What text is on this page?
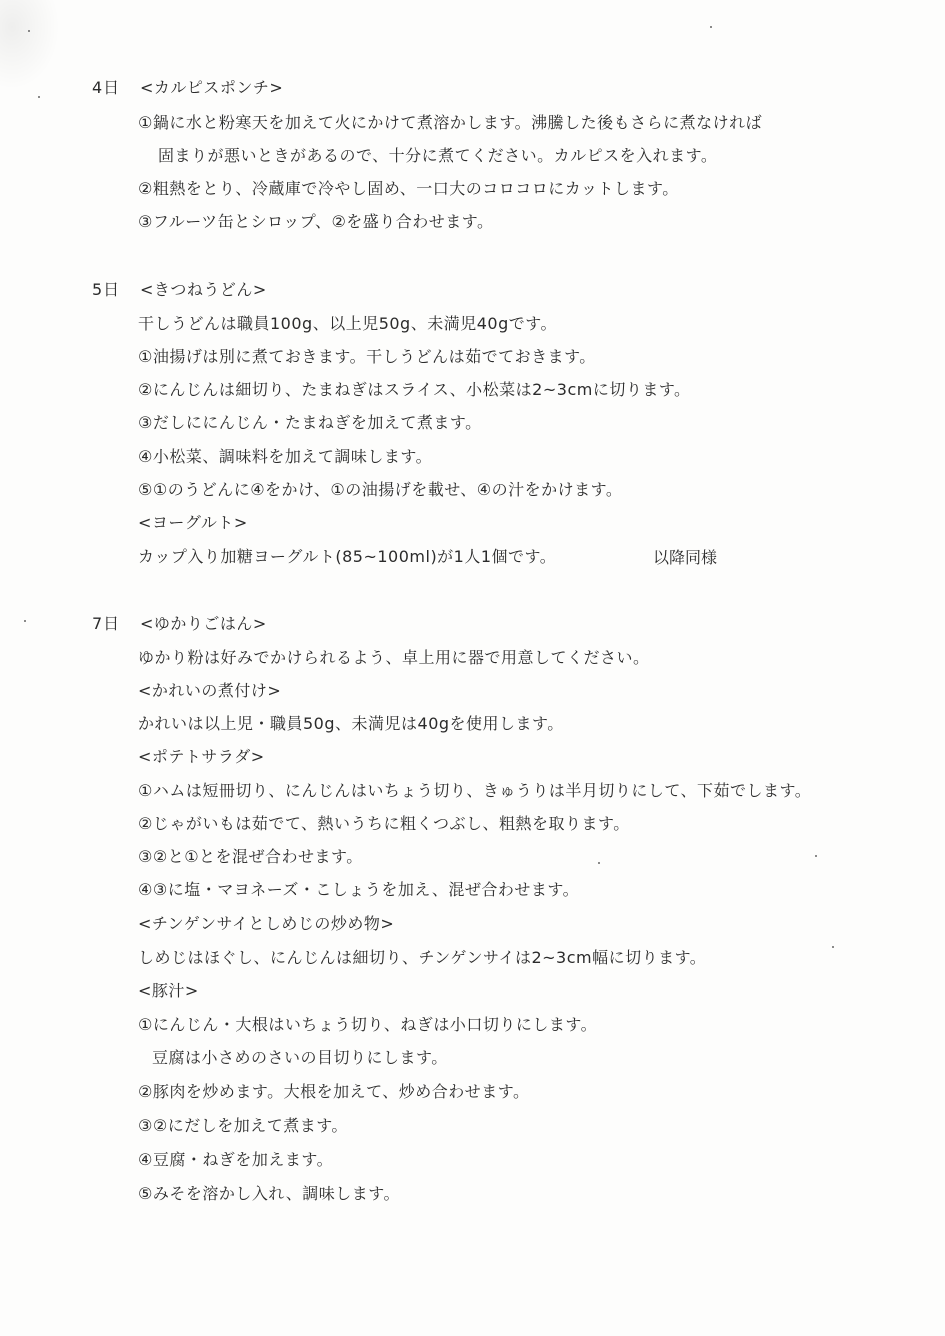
4日 <カルピスポンチ>
①鍋に水と粉寒天を加えて火にかけて煮溶かします。沸騰した後もさらに煮なければ
固まりが悪いときがあるので、十分に煮てください。カルピスを入れます。
②粗熱をとり、冷蔵庫で冷やし固め、一口大のコロコロにカットします。
③フルーツ缶とシロップ、②を盛り合わせます。
5日 <きつねうどん>
干しうどんは職員100g、以上児50g、未満児40gです。
①油揚げは別に煮ておきます。干しうどんは茹でておきます。
②にんじんは細切り、たまねぎはスライス、小松菜は2~3cmに切ります。
③だしににんじん・たまねぎを加えて煮ます。
④小松菜、調味料を加えて調味します。
⑤①のうどんに④をかけ、①の油揚げを載せ、④の汁をかけます。
<ヨーグルト>
カップ入り加糖ヨーグルト(85~100ml)が1人1個です。	以降同様
7日 <ゆかりごはん>
ゆかり粉は好みでかけられるよう、卓上用に器で用意してください。
<かれいの煮付け>
かれいは以上児・職員50g、未満児は40gを使用します。
<ポテトサラダ>
①ハムは短冊切り、にんじんはいちょう切り、きゅうりは半月切りにして、下茹でします。
②じゃがいもは茹でて、熱いうちに粗くつぶし、粗熱を取ります。
③②と①とを混ぜ合わせます。
④③に塩・マヨネーズ・こしょうを加え、混ぜ合わせます。
<チンゲンサイとしめじの炒め物>
しめじはほぐし、にんじんは細切り、チンゲンサイは2~3cm幅に切ります。
<豚汁>
①にんじん・大根はいちょう切り、ねぎは小口切りにします。
豆腐は小さめのさいの目切りにします。
②豚肉を炒めます。大根を加えて、炒め合わせます。
③②にだしを加えて煮ます。
④豆腐・ねぎを加えます。
⑤みそを溶かし入れ、調味します。
